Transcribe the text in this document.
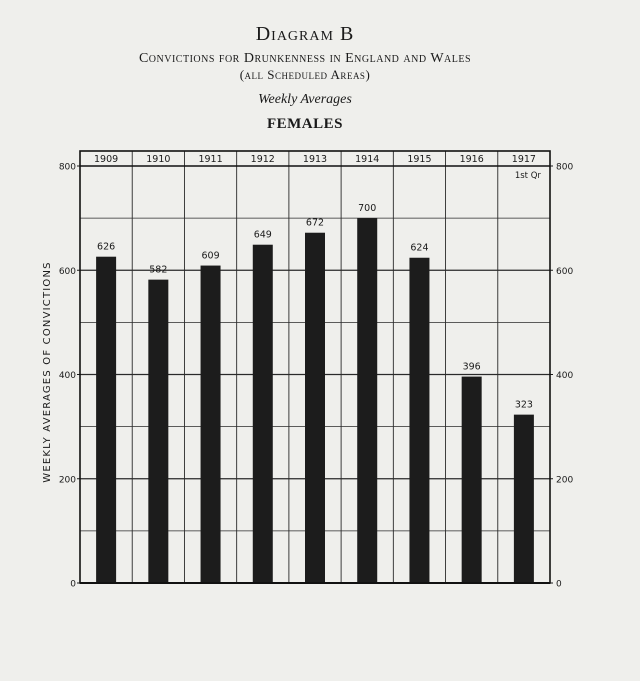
Diagram B
Convictions for Drunkenness in England and Wales
(all Scheduled Areas)
Weekly Averages
FEMALES
626
1909
582
1910
609
1911
649
1912
672
1913
700
1914
624
1915
396
1916
323
1917
1st Qr
0	0
200	200
400	400
600	600
800	800
WEEKLY AVERAGES OF CONVICTIONS
